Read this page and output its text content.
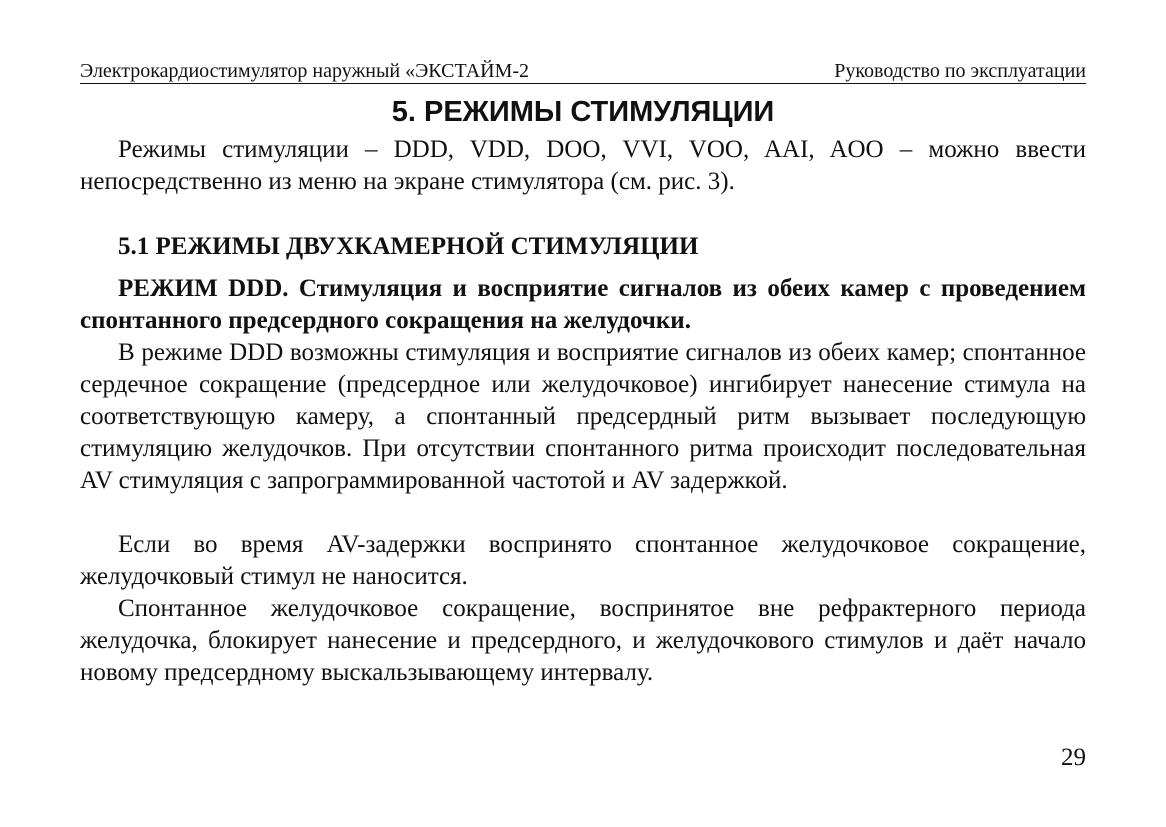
Электрокардиостимулятор наружный «ЭКСТАЙМ-2	Руководство по эксплуатации
5. РЕЖИМЫ СТИМУЛЯЦИИ

Режимы стимуляции – DDD, VDD, DOO, VVI, VOO, AAI, AOO – можно ввести непосредственно из меню на экране стимулятора (см. рис. 3).

5.1 РЕЖИМЫ ДВУХКАМЕРНОЙ СТИМУЛЯЦИИ

РЕЖИМ DDD. Стимуляция и восприятие сигналов из обеих камер с проведением спонтанного предсердного сокращения на желудочки.

В режиме DDD возможны стимуляция и восприятие сигналов из обеих камер; спонтанное сердечное сокращение (предсердное или желудочковое) ингибирует нанесение стимула на соответствующую камеру, а спонтанный предсердный ритм вызывает последующую стимуляцию желудочков. При отсутствии спонтанного ритма происходит последовательная AV стимуляция с запрограммированной частотой и AV задержкой.

Если во время AV-задержки воспринято спонтанное желудочковое сокращение, желудочковый стимул не наносится.

Спонтанное желудочковое сокращение, воспринятое вне рефрактерного периода желудочка, блокирует нанесение и предсердного, и желудочкового стимулов и даёт начало новому предсердному выскальзывающему интервалу.

29
